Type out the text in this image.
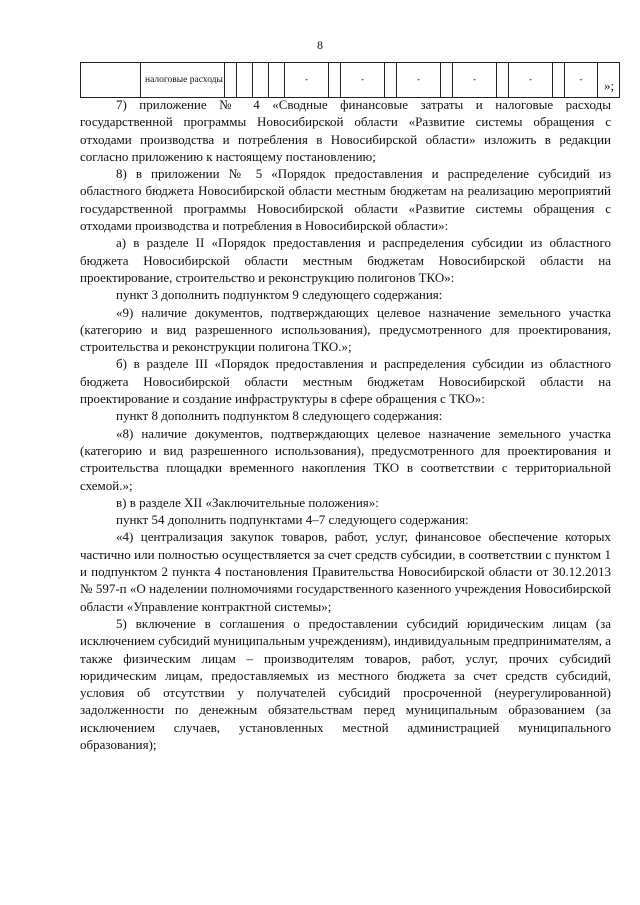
8
	налоговые расходы					-		-		-		-		-		-	»;

7) приложение № 4 «Сводные финансовые затраты и налоговые расходы государственной программы Новосибирской области «Развитие системы обращения с отходами производства и потребления в Новосибирской области» изложить в редакции согласно приложению к настоящему постановлению;

8) в приложении № 5 «Порядок предоставления и распределение субсидий из областного бюджета Новосибирской области местным бюджетам на реализацию мероприятий государственной программы Новосибирской области «Развитие системы обращения с отходами производства и потребления в Новосибирской области»:

а) в разделе II «Порядок предоставления и распределения субсидии из областного бюджета Новосибирской области местным бюджетам Новосибирской области на проектирование, строительство и реконструкцию полигонов ТКО»:

пункт 3 дополнить подпунктом 9 следующего содержания:

«9) наличие документов, подтверждающих целевое назначение земельного участка (категорию и вид разрешенного использования), предусмотренного для проектирования, строительства и реконструкции полигона ТКО.»;

б) в разделе III «Порядок предоставления и распределения субсидии из областного бюджета Новосибирской области местным бюджетам Новосибирской области на проектирование и создание инфраструктуры в сфере обращения с ТКО»:

пункт 8 дополнить подпунктом 8 следующего содержания:

«8) наличие документов, подтверждающих целевое назначение земельного участка (категорию и вид разрешенного использования), предусмотренного для проектирования и строительства площадки временного накопления ТКО в соответствии с территориальной схемой.»;

в) в разделе XII «Заключительные положения»:

пункт 54 дополнить подпунктами 4–7 следующего содержания:

«4) централизация закупок товаров, работ, услуг, финансовое обеспечение которых частично или полностью осуществляется за счет средств субсидии, в соответствии с пунктом 1 и подпунктом 2 пункта 4 постановления Правительства Новосибирской области от 30.12.2013 № 597-п «О наделении полномочиями государственного казенного учреждения Новосибирской области «Управление контрактной системы»;

5) включение в соглашения о предоставлении субсидий юридическим лицам (за исключением субсидий муниципальным учреждениям), индивидуальным предпринимателям, а также физическим лицам – производителям товаров, работ, услуг, прочих субсидий юридическим лицам, предоставляемых из местного бюджета за счет средств субсидий, условия об отсутствии у получателей субсидий просроченной (неурегулированной) задолженности по денежным обязательствам перед муниципальным образованием (за исключением случаев, установленных местной администрацией муниципального образования);
